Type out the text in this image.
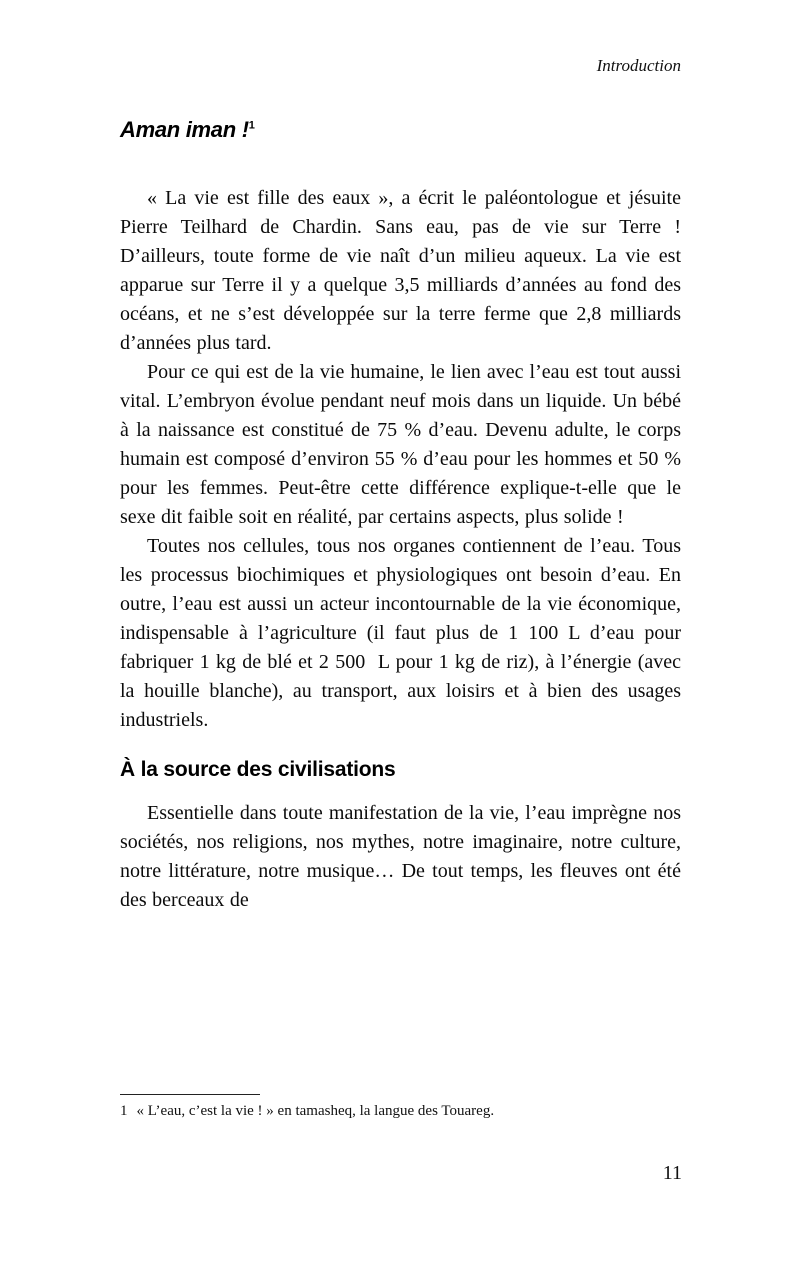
Introduction
Aman iman !$^1$

« La vie est fille des eaux », a écrit le paléontologue et jésuite Pierre Teilhard de Chardin. Sans eau, pas de vie sur Terre ! D’ailleurs, toute forme de vie naît d’un milieu aqueux. La vie est apparue sur Terre il y a quelque 3,5 milliards d’années au fond des océans, et ne s’est développée sur la terre ferme que 2,8 milliards d’années plus tard.

Pour ce qui est de la vie humaine, le lien avec l’eau est tout aussi vital. L’embryon évolue pendant neuf mois dans un liquide. Un bébé à la naissance est constitué de 75 % d’eau. Devenu adulte, le corps humain est composé d’environ 55 % d’eau pour les hommes et 50 % pour les femmes. Peut-être cette différence explique-t-elle que le sexe dit faible soit en réalité, par certains aspects, plus solide !

Toutes nos cellules, tous nos organes contiennent de l’eau. Tous les processus biochimiques et physiologiques ont besoin d’eau. En outre, l’eau est aussi un acteur incontournable de la vie économique, indispensable à l’agriculture (il faut plus de 1 100 L d’eau pour fabriquer 1 kg de blé et 2 500  L pour 1 kg de riz), à l’énergie (avec la houille blanche), au transport, aux loisirs et à bien des usages industriels.

À la source des civilisations

Essentielle dans toute manifestation de la vie, l’eau imprègne nos sociétés, nos religions, nos mythes, notre imaginaire, notre culture, notre littérature, notre musique… De tout temps, les fleuves ont été des berceaux de

1 « L’eau, c’est la vie ! » en tamasheq, la langue des Touareg.
11
